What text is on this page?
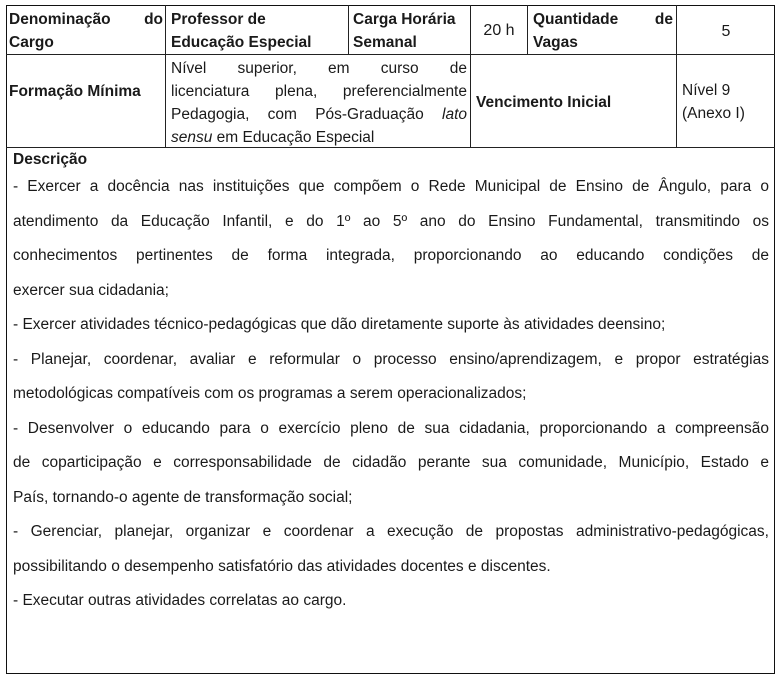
Denominação do
Cargo
Professor de
Educação Especial
Carga Horária
Semanal
20 h
Quantidade de
Vagas
5
Formação Mínima
Nível superior, em curso de
licenciatura plena, preferencialmente
Pedagogia, com Pós-Graduação lato
sensu em Educação Especial
Vencimento Inicial
Nível 9
(Anexo I)
Descrição
- Exercer a docência nas instituições que compõem o Rede Municipal de Ensino de Ângulo, para o
atendimento da Educação Infantil, e do 1º ao 5º ano do Ensino Fundamental, transmitindo os
conhecimentos pertinentes de forma integrada, proporcionando ao educando condições de
exercer sua cidadania;
- Exercer atividades técnico-pedagógicas que dão diretamente suporte às atividades deensino;
- Planejar, coordenar, avaliar e reformular o processo ensino/aprendizagem, e propor estratégias
metodológicas compatíveis com os programas a serem operacionalizados;
- Desenvolver o educando para o exercício pleno de sua cidadania, proporcionando a compreensão
de coparticipação e corresponsabilidade de cidadão perante sua comunidade, Município, Estado e
País, tornando-o agente de transformação social;
- Gerenciar, planejar, organizar e coordenar a execução de propostas administrativo-pedagógicas,
possibilitando o desempenho satisfatório das atividades docentes e discentes.
- Executar outras atividades correlatas ao cargo.
